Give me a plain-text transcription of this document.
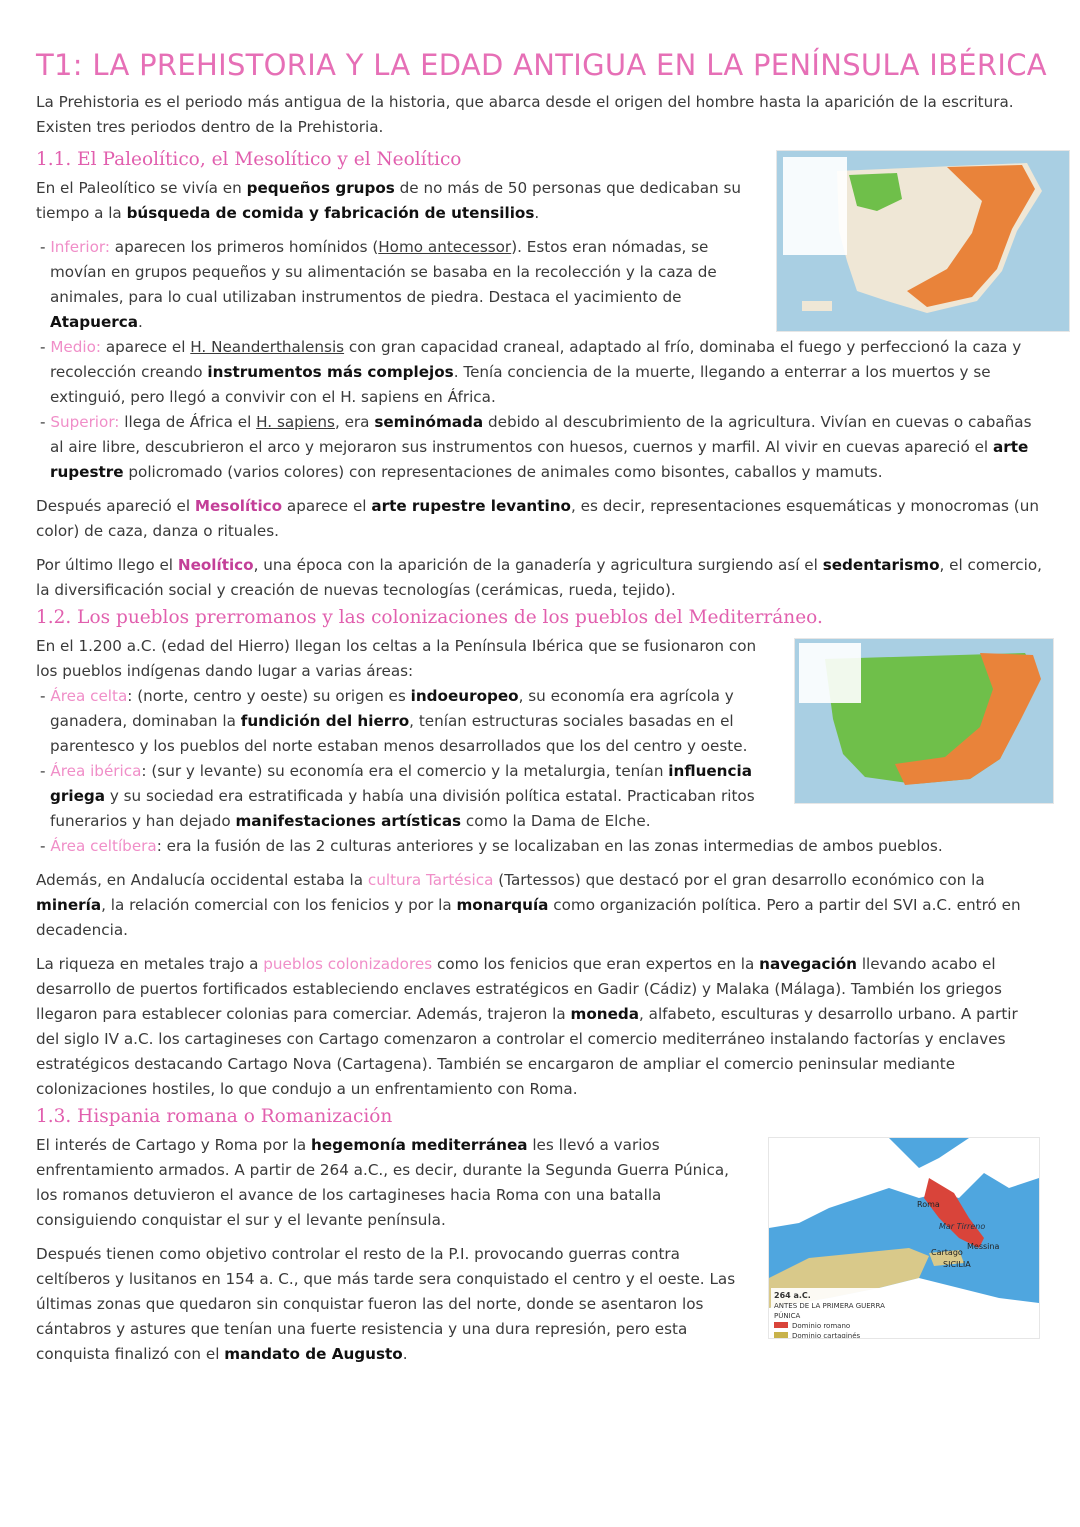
T1: LA PREHISTORIA Y LA EDAD ANTIGUA EN LA PENÍNSULA IBÉRICA

La Prehistoria es el periodo más antigua de la historia, que abarca desde el origen del hombre hasta la aparición de la escritura. Existen tres periodos dentro de la Prehistoria.

1.1. El Paleolítico, el Mesolítico y el Neolítico

En el Paleolítico se vivía en pequeños grupos de no más de 50 personas que dedicaban su tiempo a la búsqueda de comida y fabricación de utensilios.

- Inferior: aparecen los primeros homínidos (Homo antecessor). Estos eran nómadas, se movían en grupos pequeños y su alimentación se basaba en la recolección y la caza de animales, para lo cual utilizaban instrumentos de piedra. Destaca el yacimiento de Atapuerca.
- Medio: aparece el H. Neanderthalensis con gran capacidad craneal, adaptado al frío, dominaba el fuego y perfeccionó la caza y recolección creando instrumentos más complejos. Tenía conciencia de la muerte, llegando a enterrar a los muertos y se extinguió, pero llegó a convivir con el H. sapiens en África.
- Superior: llega de África el H. sapiens, era seminómada debido al descubrimiento de la agricultura. Vivían en cuevas o cabañas al aire libre, descubrieron el arco y mejoraron sus instrumentos con huesos, cuernos y marfil. Al vivir en cuevas apareció el arte rupestre policromado (varios colores) con representaciones de animales como bisontes, caballos y mamuts.

Después apareció el Mesolítico aparece el arte rupestre levantino, es decir, representaciones esquemáticas y monocromas (un color) de caza, danza o rituales.

Por último llego el Neolítico, una época con la aparición de la ganadería y agricultura surgiendo así el sedentarismo, el comercio, la diversificación social y creación de nuevas tecnologías (cerámicas, rueda, tejido).

1.2. Los pueblos prerromanos y las colonizaciones de los pueblos del Mediterráneo.

En el 1.200 a.C. (edad del Hierro) llegan los celtas a la Península Ibérica que se fusionaron con los pueblos indígenas dando lugar a varias áreas:

- Área celta: (norte, centro y oeste) su origen es indoeuropeo, su economía era agrícola y ganadera, dominaban la fundición del hierro, tenían estructuras sociales basadas en el parentesco y los pueblos del norte estaban menos desarrollados que los del centro y oeste.
- Área ibérica: (sur y levante) su economía era el comercio y la metalurgia, tenían influencia griega y su sociedad era estratificada y había una división política estatal. Practicaban ritos funerarios y han dejado manifestaciones artísticas como la Dama de Elche.
- Área celtíbera: era la fusión de las 2 culturas anteriores y se localizaban en las zonas intermedias de ambos pueblos.

Además, en Andalucía occidental estaba la cultura Tartésica (Tartessos) que destacó por el gran desarrollo económico con la minería, la relación comercial con los fenicios y por la monarquía como organización política. Pero a partir del SVI a.C. entró en decadencia.

La riqueza en metales trajo a pueblos colonizadores como los fenicios que eran expertos en la navegación llevando acabo el desarrollo de puertos fortificados estableciendo enclaves estratégicos en Gadir (Cádiz) y Malaka (Málaga). También los griegos llegaron para establecer colonias para comerciar. Además, trajeron la moneda, alfabeto, esculturas y desarrollo urbano. A partir del siglo IV a.C. los cartagineses con Cartago comenzaron a controlar el comercio mediterráneo instalando factorías y enclaves estratégicos destacando Cartago Nova (Cartagena). También se encargaron de ampliar el comercio peninsular mediante colonizaciones hostiles, lo que condujo a un enfrentamiento con Roma.

1.3. Hispania romana o Romanización
Roma
Cartago
Mar Tirreno
Messina
SICILIA
264 a.C.
ANTES DE LA PRIMERA GUERRA PÚNICA
Dominio romano
Dominio cartaginés

El interés de Cartago y Roma por la hegemonía mediterránea les llevó a varios enfrentamiento armados. A partir de 264 a.C., es decir, durante la Segunda Guerra Púnica, los romanos detuvieron el avance de los cartagineses hacia Roma con una batalla consiguiendo conquistar el sur y el levante península.

Después tienen como objetivo controlar el resto de la P.I. provocando guerras contra celtíberos y lusitanos en 154 a. C., que más tarde sera conquistado el centro y el oeste. Las últimas zonas que quedaron sin conquistar fueron las del norte, donde se asentaron los cántabros y astures que tenían una fuerte resistencia y una dura represión, pero esta conquista finalizó con el mandato de Augusto.
